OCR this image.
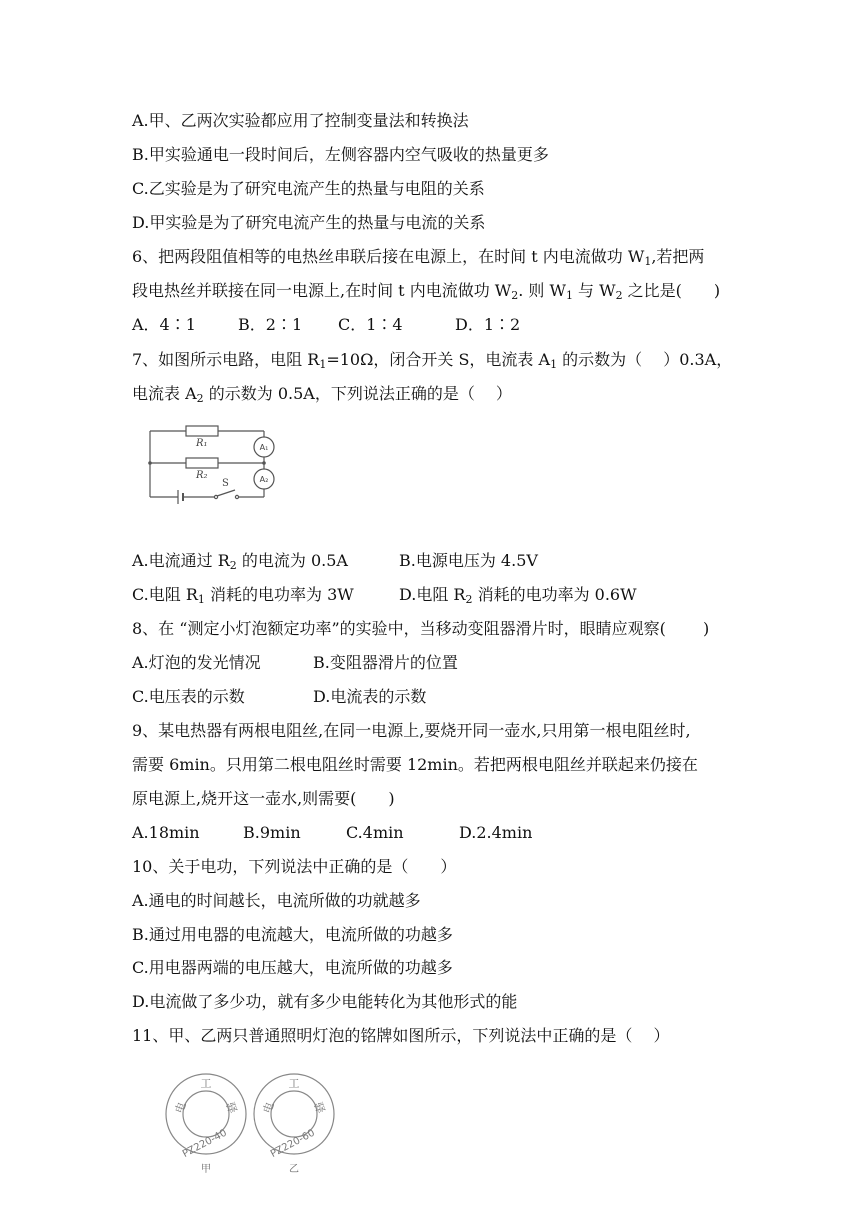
A.甲、乙两次实验都应用了控制变量法和转换法
B.甲实验通电一段时间后，左侧容器内空气吸收的热量更多
C.乙实验是为了研究电流产生的热量与电阻的关系
D.甲实验是为了研究电流产生的热量与电流的关系
6、把两段阻值相等的电热丝串联后接在电源上，在时间 t 内电流做功 $W_1$,若把两
段电热丝并联接在同一电源上,在时间 t 内电流做功 $W_2$. 则 $W_1$ 与 $W_2$ 之比是(　　)
A．4∶1	B．2∶1 C．1∶4	D．1∶2
7、如图所示电路，电阻 $R_1=10\Omega$，闭合开关 S，电流表 $A_1$ 的示数为（　 ）0.3A，
电流表 $A_2$ 的示数为 0.5A，下列说法正确的是（　 ）
R₁
R₂
S
A₁
A₂
A.电流通过 $R_2$ 的电流为 0.5A	B.电源电压为 4.5V
C.电阻 $R_1$ 消耗的电功率为 3W	D.电阻 $R_2$ 消耗的电功率为 0.6W
8、在 “测定小灯泡额定功率”的实验中，当移动变阻器滑片时，眼睛应观察(　　 )
A.灯泡的发光情况	B.变阻器滑片的位置
C.电压表的示数	D.电流表的示数
9、某电热器有两根电阻丝,在同一电源上,要烧开同一壶水,只用第一根电阻丝时,
需要 6min。只用第二根电阻丝时需要 12min。若把两根电阻丝并联起来仍接在
原电源上,烧开这一壶水,则需要(　　)
A.18min	B.9min	C.4min	D.2.4min
10、关于电功，下列说法中正确的是（　　）
A.通电的时间越长，电流所做的功就越多
B.通过用电器的电流越大，电流所做的功越多
C.用电器两端的电压越大，电流所做的功越多
D.电流做了多少功，就有多少电能转化为其他形式的能
11、甲、乙两只普通照明灯泡的铭牌如图所示，下列说法中正确的是（　 ）
工
电	驿
工
电	驿
PZ220-40	PZ220-60
甲	乙
